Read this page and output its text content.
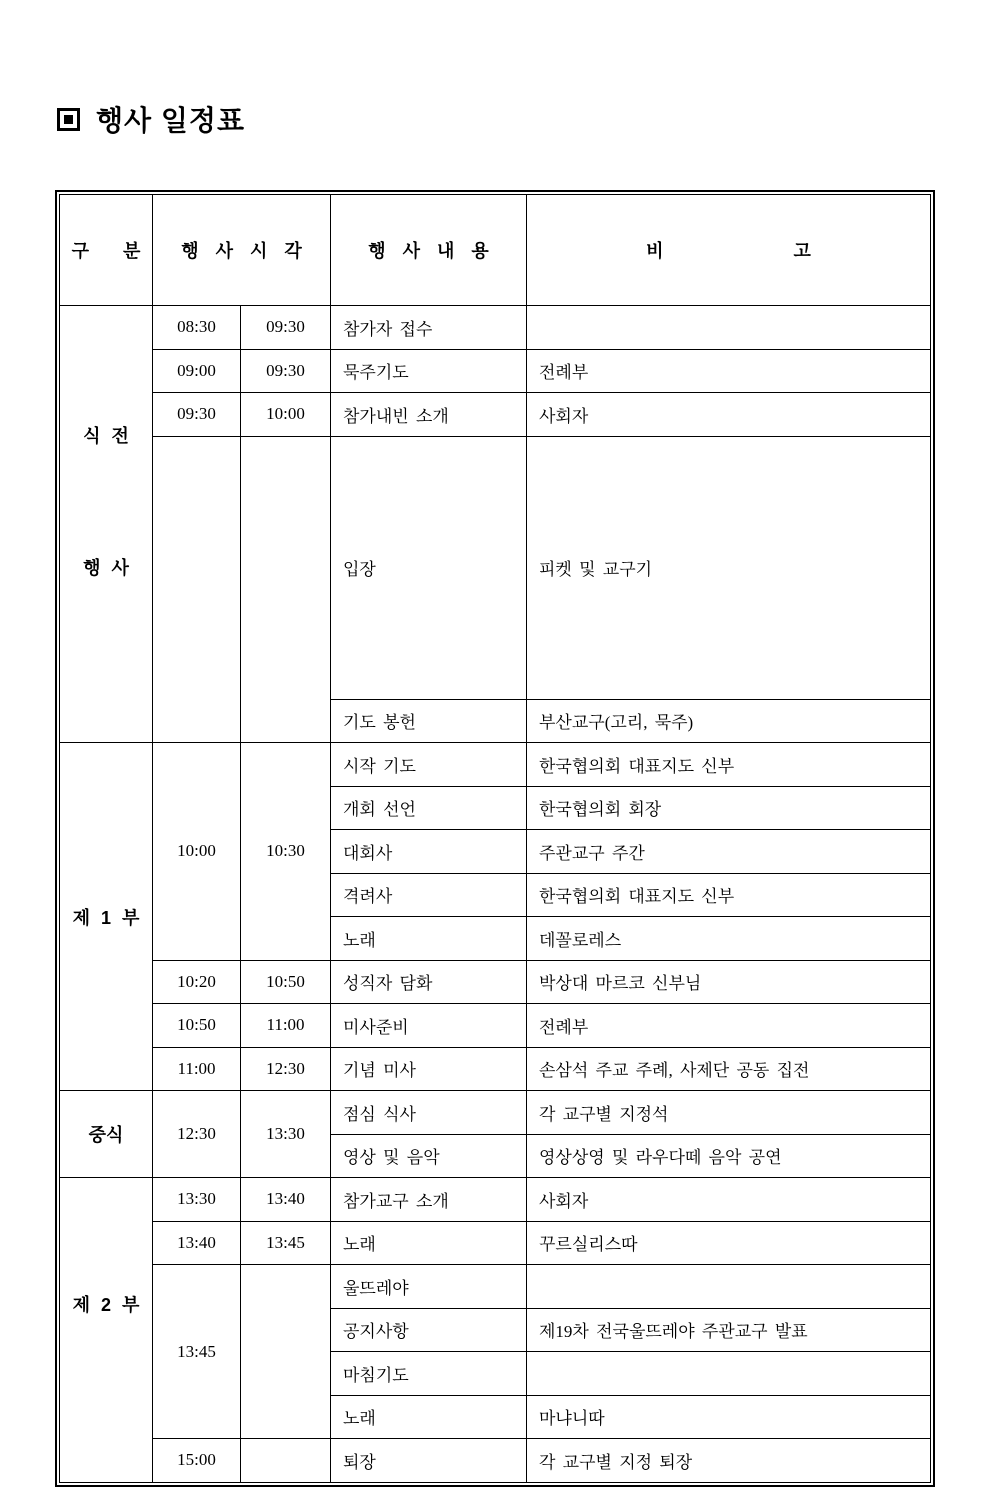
행사 일정표
구  분	행 사 시 각		행 사 내 용	비 고

식 전

행 사	08:30	09:30	참가자 접수	
	09:00	09:30	묵주기도	전례부
	09:30	10:00	참가내빈 소개	사회자
			입장	피켓 및 교구기
			기도 봉헌	부산교구(고리, 묵주)
제 1 부	10:00	10:30	시작 기도	한국협의회 대표지도 신부
			개회 선언	한국협의회 회장
			대회사	주관교구 주간
			격려사	한국협의회 대표지도 신부
			노래	데꼴로레스
	10:20	10:50	성직자 담화	박상대 마르코 신부님
	10:50	11:00	미사준비	전례부
	11:00	12:30	기념 미사	손삼석 주교 주례, 사제단 공동 집전
중식	12:30	13:30	점심 식사	각 교구별 지정석
			영상 및 음악	영상상영 및 라우다떼 음악 공연

제 2 부	13:30	13:40	참가교구 소개	사회자
	13:40	13:45	노래	꾸르실리스따
	13:45		울뜨레야	
			공지사항	제19차 전국울뜨레야 주관교구 발표
			마침기도	
			노래	마냐니따
	15:00		퇴장	각 교구별 지정 퇴장
